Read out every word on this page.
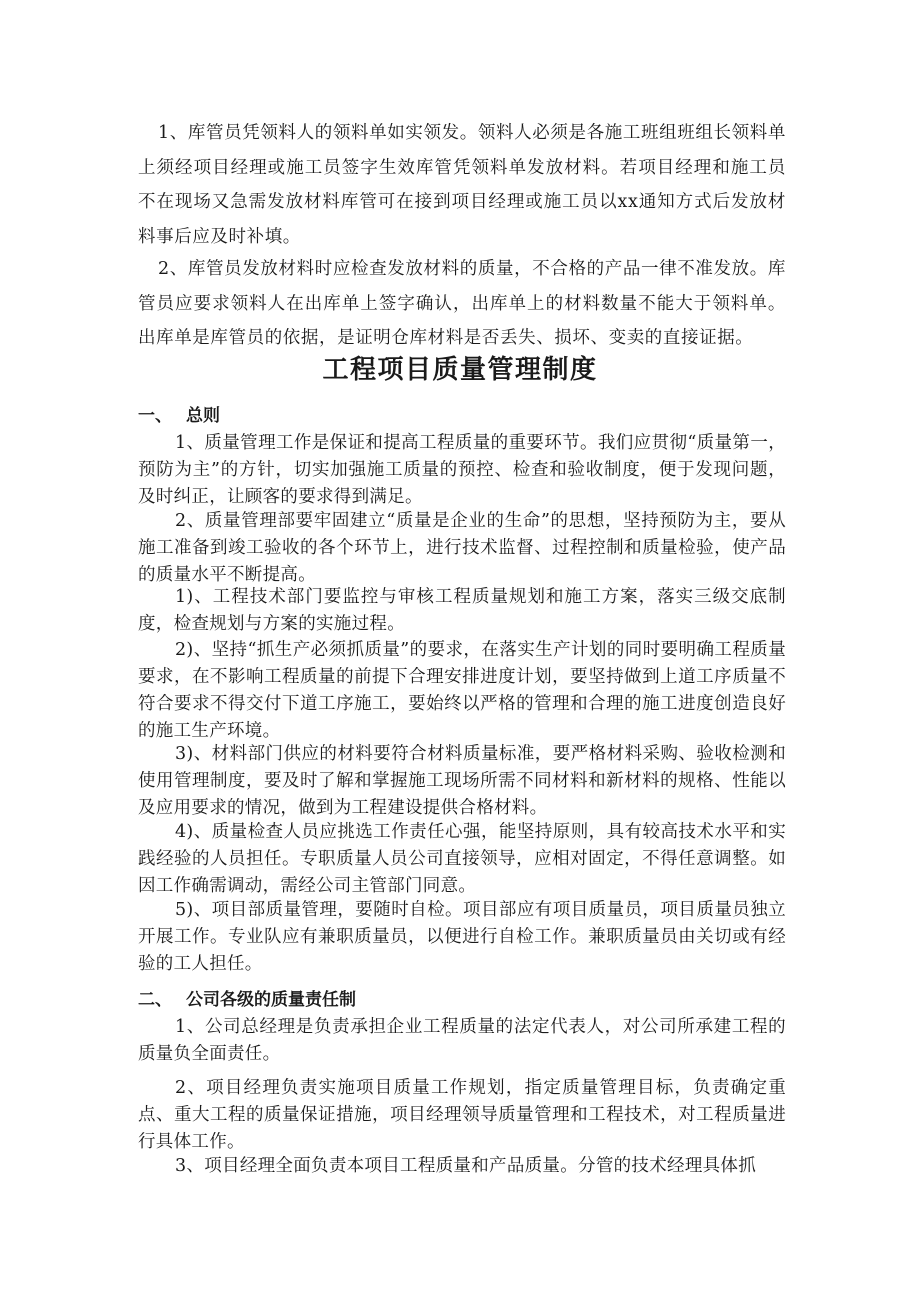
1、库管员凭领料人的领料单如实领发。领料人必须是各施工班组班组长领料单上须经项目经理或施工员签字生效库管凭领料单发放材料。若项目经理和施工员不在现场又急需发放材料库管可在接到项目经理或施工员以xx通知方式后发放材料事后应及时补填。

2、库管员发放材料时应检查发放材料的质量，不合格的产品一律不准发放。库管员应要求领料人在出库单上签字确认，出库单上的材料数量不能大于领料单。出库单是库管员的依据，是证明仓库材料是否丢失、损坏、变卖的直接证据。

工程项目质量管理制度
一、 总则

1、质量管理工作是保证和提高工程质量的重要环节。我们应贯彻“质量第一，预防为主”的方针，切实加强施工质量的预控、检查和验收制度，便于发现问题，及时纠正，让顾客的要求得到满足。

2、质量管理部要牢固建立“质量是企业的生命”的思想，坚持预防为主，要从施工准备到竣工验收的各个环节上，进行技术监督、过程控制和质量检验，使产品的质量水平不断提高。

1)、工程技术部门要监控与审核工程质量规划和施工方案，落实三级交底制度，检查规划与方案的实施过程。

2)、坚持“抓生产必须抓质量”的要求，在落实生产计划的同时要明确工程质量要求，在不影响工程质量的前提下合理安排进度计划，要坚持做到上道工序质量不符合要求不得交付下道工序施工，要始终以严格的管理和合理的施工进度创造良好的施工生产环境。

3)、材料部门供应的材料要符合材料质量标准，要严格材料采购、验收检测和使用管理制度，要及时了解和掌握施工现场所需不同材料和新材料的规格、性能以及应用要求的情况，做到为工程建设提供合格材料。

4)、质量检查人员应挑选工作责任心强，能坚持原则，具有较高技术水平和实践经验的人员担任。专职质量人员公司直接领导，应相对固定，不得任意调整。如因工作确需调动，需经公司主管部门同意。

5)、项目部质量管理，要随时自检。项目部应有项目质量员，项目质量员独立开展工作。专业队应有兼职质量员，以便进行自检工作。兼职质量员由关切或有经验的工人担任。

二、 公司各级的质量责任制

1、公司总经理是负责承担企业工程质量的法定代表人，对公司所承建工程的质量负全面责任。

2、项目经理负责实施项目质量工作规划，指定质量管理目标，负责确定重点、重大工程的质量保证措施，项目经理领导质量管理和工程技术，对工程质量进行具体工作。

3、项目经理全面负责本项目工程质量和产品质量。分管的技术经理具体抓
